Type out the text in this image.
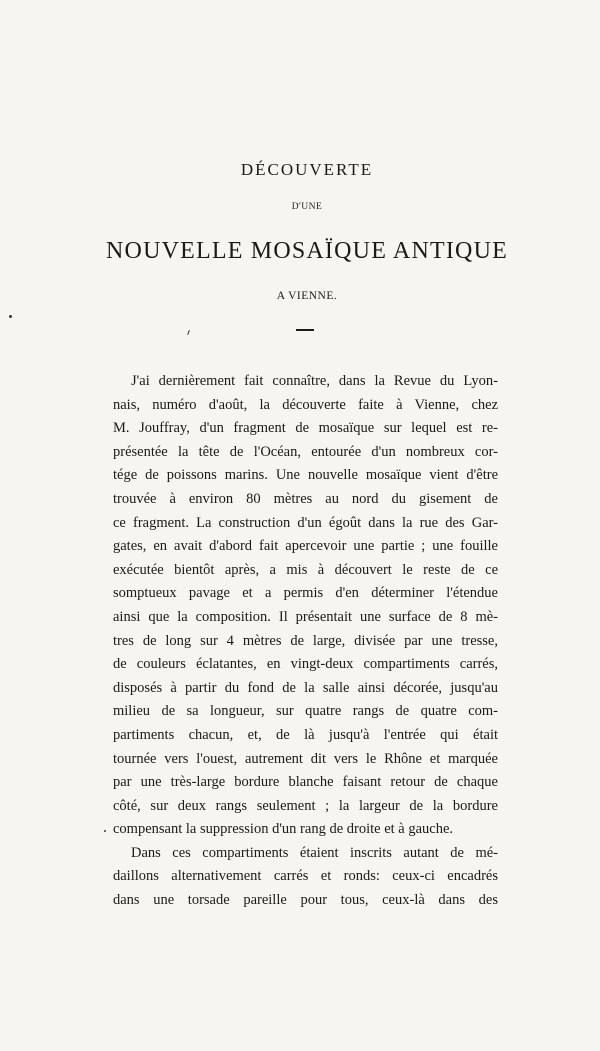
DÉCOUVERTE
D'UNE
NOUVELLE MOSAÏQUE ANTIQUE
A VIENNE.
J'ai dernièrement fait connaître, dans la Revue du Lyon-
nais, numéro d'août, la découverte faite à Vienne, chez
M. Jouffray, d'un fragment de mosaïque sur lequel est re-
présentée la tête de l'Océan, entourée d'un nombreux cor-
tége de poissons marins. Une nouvelle mosaïque vient d'être
trouvée à environ 80 mètres au nord du gisement de
ce fragment. La construction d'un égoût dans la rue des Gar-
gates, en avait d'abord fait apercevoir une partie ; une fouille
exécutée bientôt après, a mis à découvert le reste de ce
somptueux pavage et a permis d'en déterminer l'étendue
ainsi que la composition. Il présentait une surface de 8 mè-
tres de long sur 4 mètres de large, divisée par une tresse,
de couleurs éclatantes, en vingt-deux compartiments carrés,
disposés à partir du fond de la salle ainsi décorée, jusqu'au
milieu de sa longueur, sur quatre rangs de quatre com-
partiments chacun, et, de là jusqu'à l'entrée qui était
tournée vers l'ouest, autrement dit vers le Rhône et marquée
par une très-large bordure blanche faisant retour de chaque
côté, sur deux rangs seulement ; la largeur de la bordure
compensant la suppression d'un rang de droite et à gauche.
Dans ces compartiments étaient inscrits autant de mé-
daillons alternativement carrés et ronds: ceux-ci encadrés
dans une torsade pareille pour tous, ceux-là dans des
